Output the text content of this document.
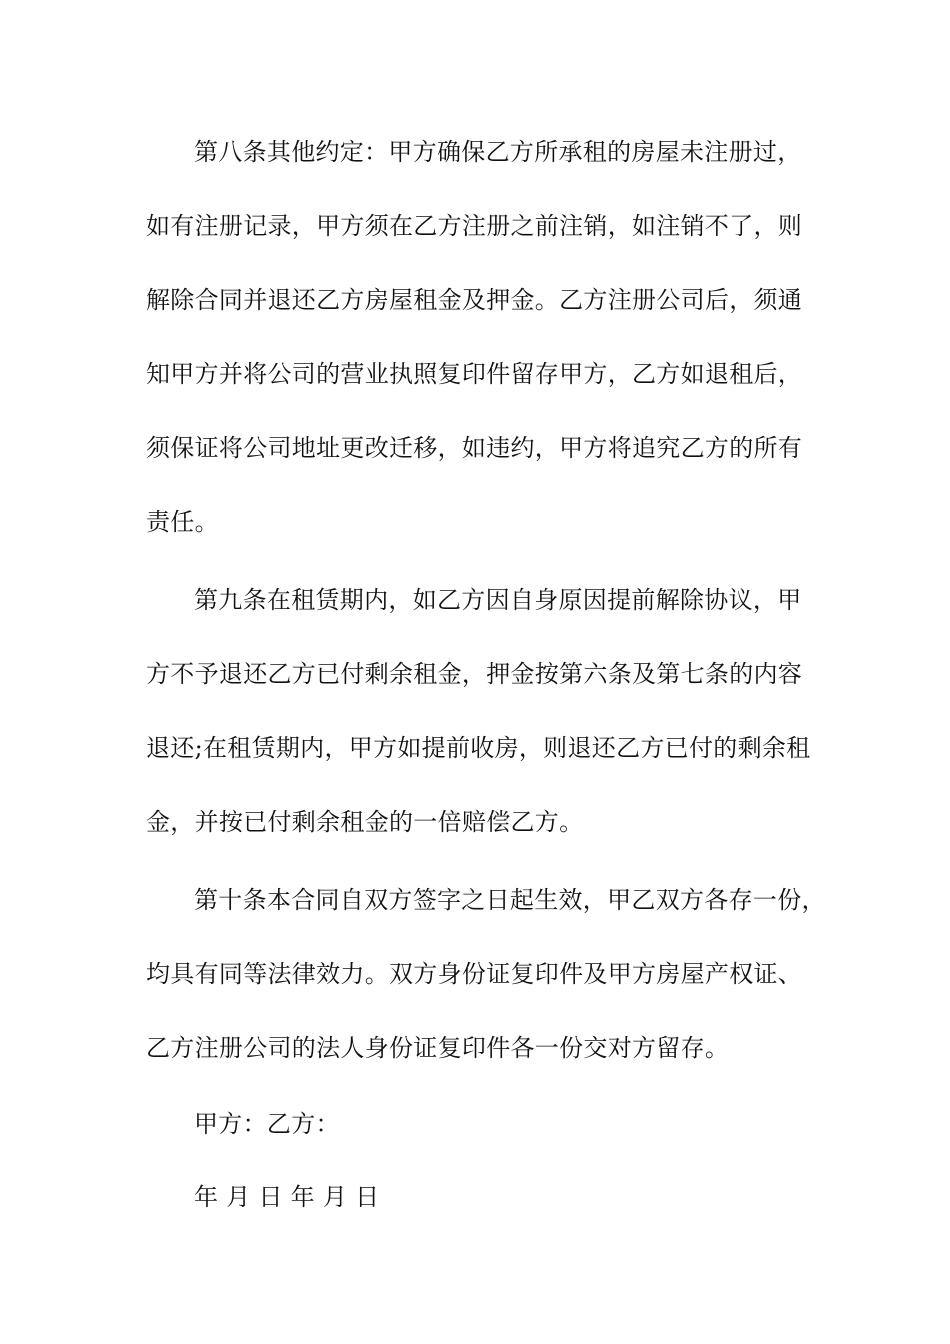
第八条其他约定：甲方确保乙方所承租的房屋未注册过，
如有注册记录，甲方须在乙方注册之前注销，如注销不了，则
解除合同并退还乙方房屋租金及押金。乙方注册公司后，须通
知甲方并将公司的营业执照复印件留存甲方，乙方如退租后，
须保证将公司地址更改迁移，如违约，甲方将追究乙方的所有
责任。
第九条在租赁期内，如乙方因自身原因提前解除协议，甲
方不予退还乙方已付剩余租金，押金按第六条及第七条的内容
退还;在租赁期内，甲方如提前收房，则退还乙方已付的剩余租
金，并按已付剩余租金的一倍赔偿乙方。
第十条本合同自双方签字之日起生效，甲乙双方各存一份，
均具有同等法律效力。双方身份证复印件及甲方房屋产权证、
乙方注册公司的法人身份证复印件各一份交对方留存。
甲方：乙方：
年 月 日 年 月 日
